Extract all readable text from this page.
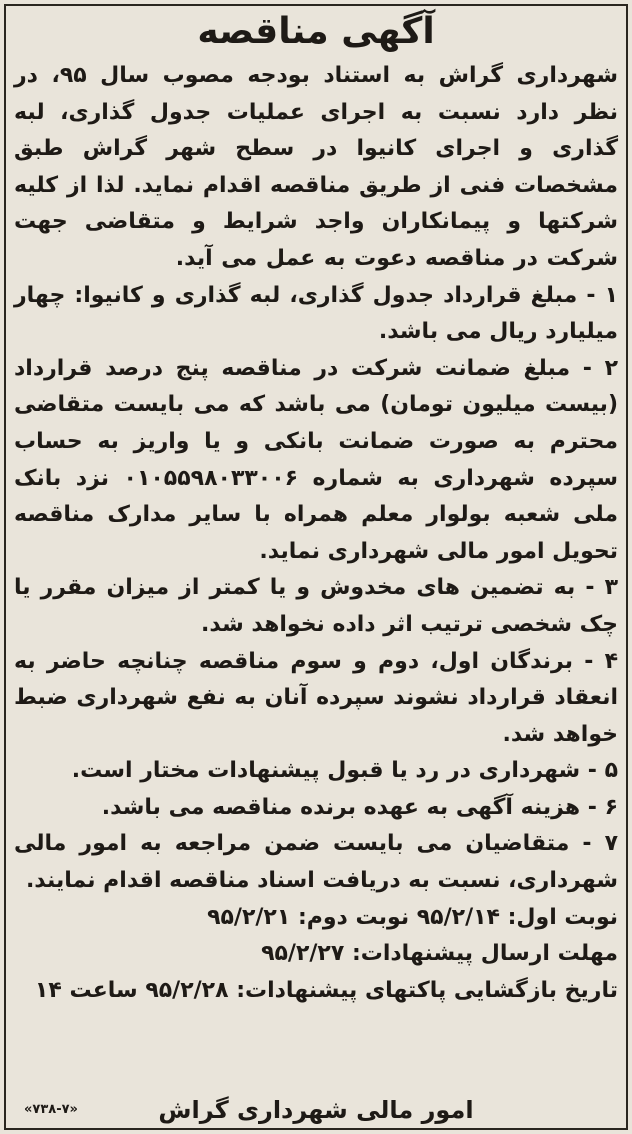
آگهی مناقصه

شهرداری گراش به استناد بودجه مصوب سال ۹۵، در نظر دارد نسبت به اجرای عملیات جدول گذاری، لبه گذاری و اجرای کانیوا در سطح شهر گراش طبق مشخصات فنی از طریق مناقصه اقدام نماید. لذا از کلیه شرکتها و پیمانکاران واجد شرایط و متقاضی جهت شرکت در مناقصه دعوت به عمل می آید.

۱ - مبلغ قرارداد جدول گذاری، لبه گذاری و کانیوا: چهار میلیارد ریال می باشد.

۲ - مبلغ ضمانت شرکت در مناقصه پنج درصد قرارداد (بیست میلیون تومان) می باشد که می بایست متقاضی محترم به صورت ضمانت بانکی و یا واریز به حساب سپرده شهرداری به شماره ۰۱۰۵۵۹۸۰۳۳۰۰۶ نزد بانک ملی شعبه بولوار معلم همراه با سایر مدارک مناقصه تحویل امور مالی شهرداری نماید.

۳ - به تضمین های مخدوش و یا کمتر از میزان مقرر یا چک شخصی ترتیب اثر داده نخواهد شد.

۴ - برندگان اول، دوم و سوم مناقصه چنانچه حاضر به انعقاد قرارداد نشوند سپرده آنان به نفع شهرداری ضبط خواهد شد.

۵ - شهرداری در رد یا قبول پیشنهادات مختار است.

۶ - هزینه آگهی به عهده برنده مناقصه می باشد.

۷ - متقاضیان می بایست ضمن مراجعه به امور مالی شهرداری، نسبت به دریافت اسناد مناقصه اقدام نمایند.

نوبت اول: ۹۵/۲/۱۴ نوبت دوم: ۹۵/۲/۲۱

مهلت ارسال پیشنهادات: ۹۵/۲/۲۷

تاریخ بازگشایی پاکتهای پیشنهادات: ۹۵/۲/۲۸ ساعت ۱۴

امور مالی شهرداری گراش
«۷۳۸-۷»
